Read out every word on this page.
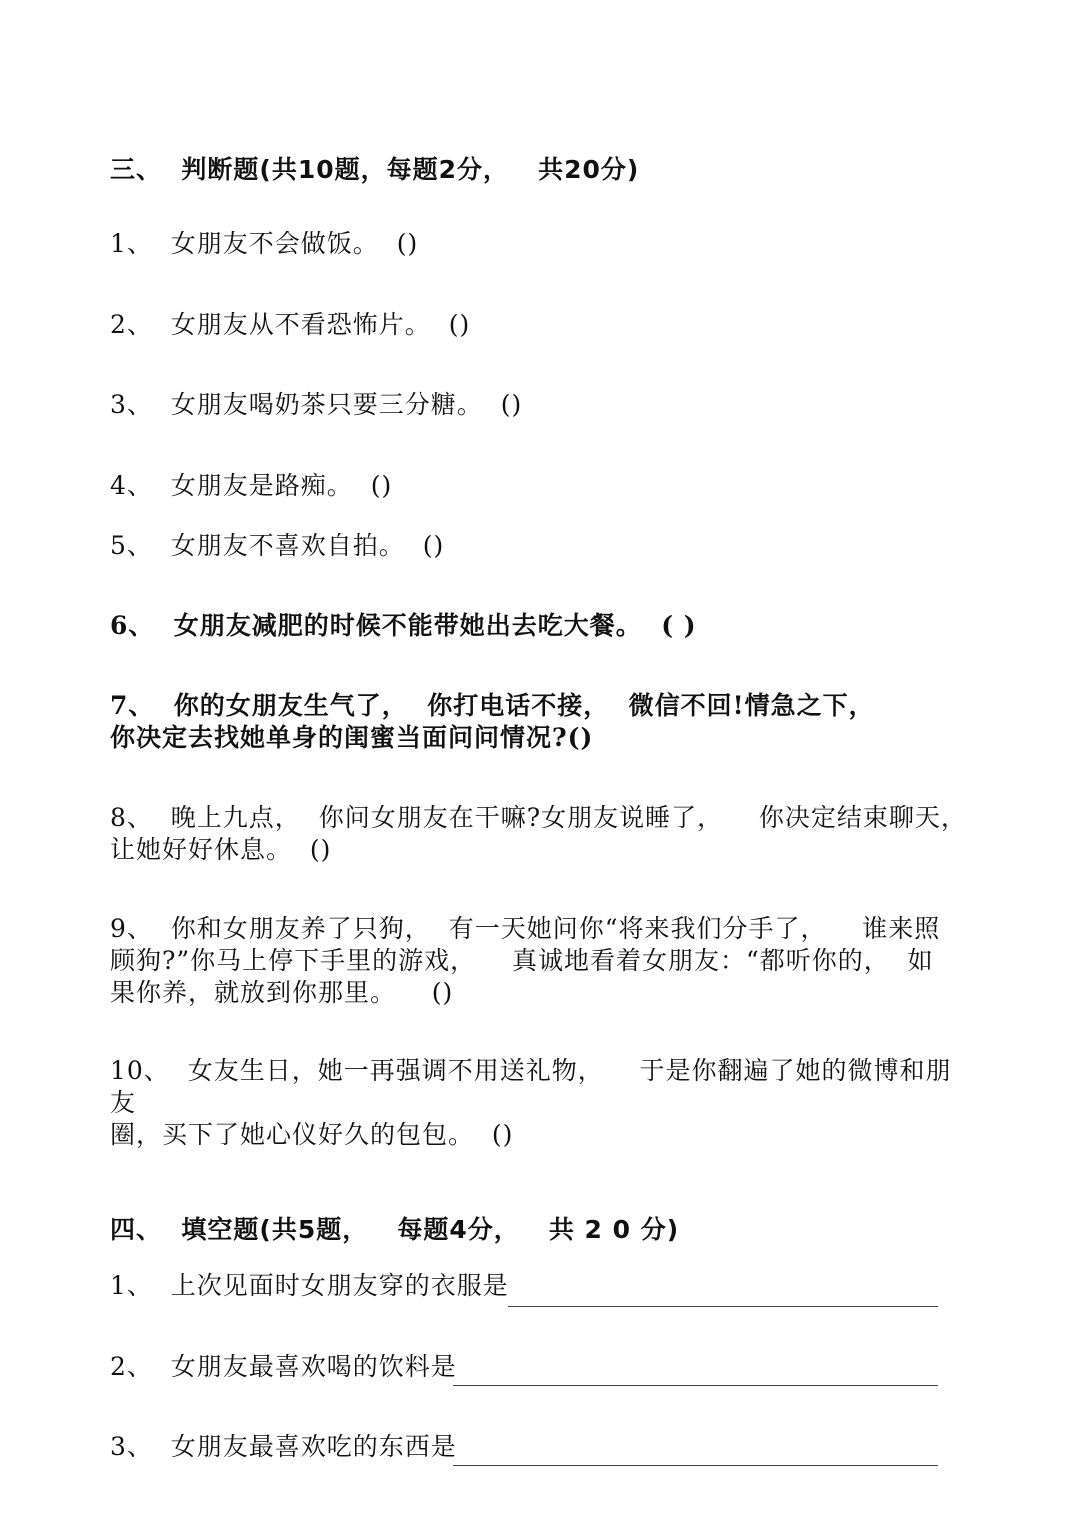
三、  判断题(共10题，每题2分，   共20分)
1、  女朋友不会做饭。  ()
2、  女朋友从不看恐怖片。  ()
3、  女朋友喝奶茶只要三分糖。  ()
4、  女朋友是路痴。  ()
5、  女朋友不喜欢自拍。  ()
6、  女朋友减肥的时候不能带她出去吃大餐。  ( )
7、  你的女朋友生气了，  你打电话不接，  微信不回!情急之下，
你决定去找她单身的闺蜜当面问问情况?()
8、  晚上九点，  你问女朋友在干嘛?女朋友说睡了，    你决定结束聊天，
让她好好休息。  ()
9、  你和女朋友养了只狗，  有一天她问你“将来我们分手了，    谁来照
顾狗?”你马上停下手里的游戏，    真诚地看着女朋友：“都听你的，  如
果你养，就放到你那里。    ()
10、  女友生日，她一再强调不用送礼物，    于是你翻遍了她的微博和朋友
圈，买下了她心仪好久的包包。  ()
四、  填空题(共5题，   每题4分，   共 2 0 分)
1、  上次见面时女朋友穿的衣服是
2、  女朋友最喜欢喝的饮料是
3、  女朋友最喜欢吃的东西是
